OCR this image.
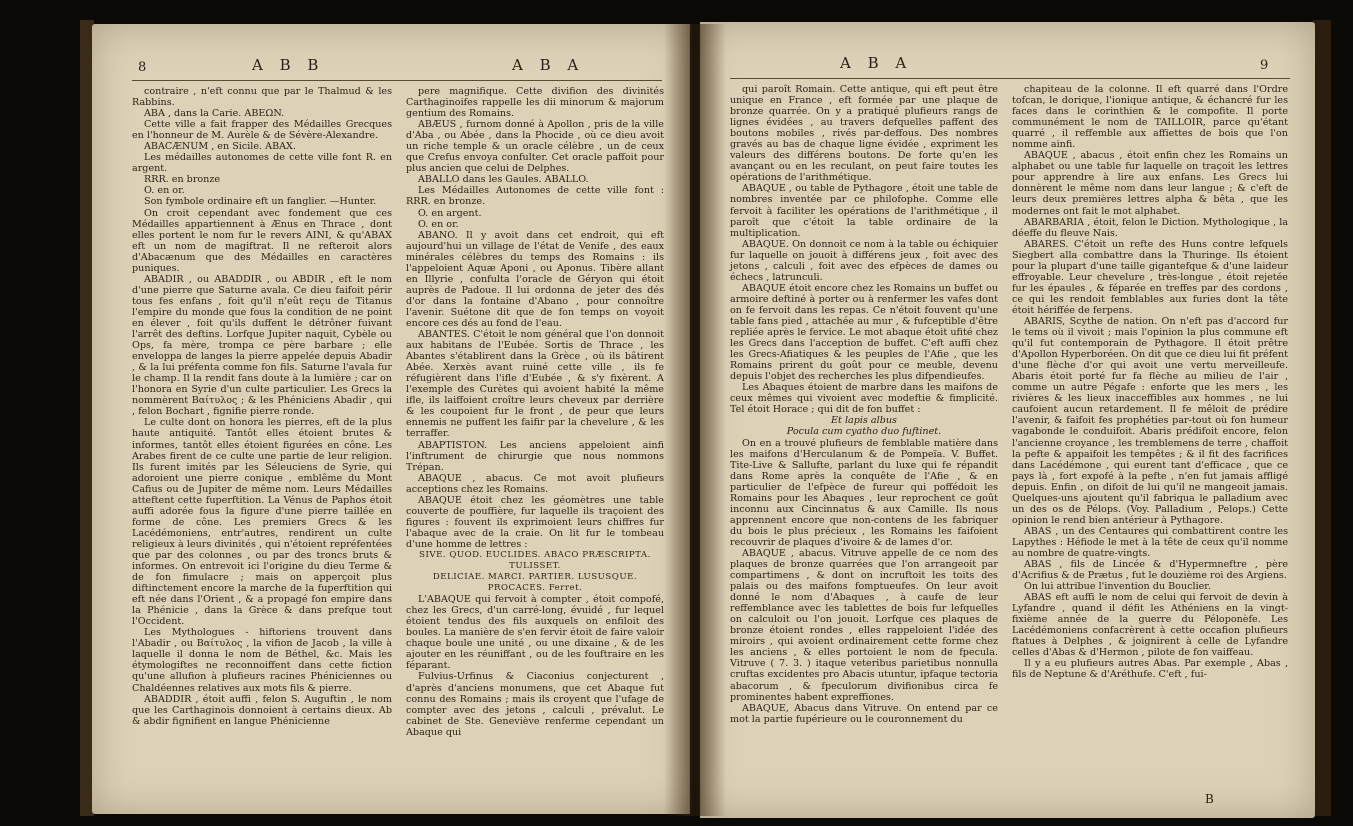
8	A B B	A B A

contraire , n'eft connu que par le Thalmud & les Rabbins.

ABA , dans la Carie. ABEΩN.

Cette ville a fait frapper des Médailles Grecques en l'honneur de M. Aurèle & de Sévère-Alexandre.

ABACÆNUM , en Sicile. ABAX.

Les médailles autonomes de cette ville font R. en argent.

RRR. en bronze

O. en or.

Son fymbole ordinaire eft un fanglier. —Hunter.

On croit cependant avec fondement que ces Médailles appartiennent à Ænus en Thrace , dont elles portent le nom fur le revers AINI, & qu'ABAX eft un nom de magiftrat. Il ne refteroit alors d'Abacænum que des Médailles en caractères puniques.

ABADIR , ou ABADDIR , ou ABDIR , eft le nom d'une pierre que Saturne avala. Ce dieu faifoit périr tous fes enfans , foit qu'il n'eût reçu de Titanus l'empire du monde que fous la condition de ne point en élever , foit qu'ils duffent le détrôner fuivant l'arrêt des deftins. Lorfque Jupiter naquit, Cybèle ou Ops, fa mère, trompa ce père barbare ; elle enveloppa de langes la pierre appelée depuis Abadir , & la lui préfenta comme fon fils. Saturne l'avala fur le champ. Il la rendit fans doute à la lumière ; car on l'honora en Syrie d'un culte particulier. Les Grecs la nommèrent Βαίτυλος ; & les Phéniciens Abadir , qui , felon Bochart , fignifie pierre ronde.

Le culte dont on honora les pierres, eft de la plus haute antiquité. Tantôt elles étoient brutes & informes, tantôt elles étoient figurées en cône. Les Arabes firent de ce culte une partie de leur religion. Ils furent imités par les Séleuciens de Syrie, qui adoroient une pierre conique , emblême du Mont Cafius ou de Jupiter de même nom. Leurs Médailles atteftent cette fuperftition. La Vénus de Paphos étoit auffi adorée fous la figure d'une pierre taillée en forme de cône. Les premiers Grecs & les Lacédémoniens, entr'autres, rendirent un culte religieux à leurs divinités , qui n'étoient repréfentées que par des colonnes , ou par des troncs bruts & informes. On entrevoit ici l'origine du dieu Terme & de fon fimulacre ; mais on apperçoit plus diftinctement encore la marche de la fuperftition qui eft née dans l'Orient , & a propagé fon empire dans la Phénicie , dans la Grèce & dans prefque tout l'Occident.

Les Mythologues - hiftoriens trouvent dans l'Abadir , ou Βαίτυλος , la vifion de Jacob , la ville à laquelle il donna le nom de Béthel, &c. Mais les étymologiftes ne reconnoiffent dans cette fiction qu'une allufion à plufieurs racines Phéniciennes ou Chaldéennes relatives aux mots fils & pierre.

ABADDIR , étoit auffi , felon S. Auguftin , le nom que les Carthaginois donnoient à certains dieux. Ab & abdir fignifient en langue Phénicienne

pere magnifique. Cette divifion des divinités Carthaginoifes rappelle les dii minorum & majorum gentium des Romains.

ABÆUS , furnom donné à Apollon , pris de la ville d'Aba , ou Abée , dans la Phocide , où ce dieu avoit un riche temple & un oracle célèbre , un de ceux que Crefus envoya confulter. Cet oracle paffoit pour plus ancien que celui de Delphes.

ABALLO dans les Gaules. ABALLO.

Les Médailles Autonomes de cette ville font : RRR. en bronze.

O. en argent.

O. en or.

ABANO. Il y avoit dans cet endroit, qui eft aujourd'hui un village de l'état de Venife , des eaux minérales célèbres du temps des Romains : ils l'appeloient Aquæ Aponi , ou Aponus. Tibère allant en Illyrie , confulta l'oracle de Géryon qui étoit auprès de Padoue. Il lui ordonna de jeter des dés d'or dans la fontaine d'Abano , pour connoître l'avenir. Suétone dit que de fon temps on voyoit encore ces dés au fond de l'eau.

ABANTES. C'étoit le nom général que l'on donnoit aux habitans de l'Eubée. Sortis de Thrace , les Abantes s'établirent dans la Grèce , où ils bâtirent Abée. Xerxès avant ruiné cette ville , ils fe réfugièrent dans l'ifle d'Eubée , & s'y fixèrent. A l'exemple des Curètes qui avoient habité la même ifle, ils laiffoient croître leurs cheveux par derrière & les coupoient fur le front , de peur que leurs ennemis ne puffent les faifir par la chevelure , & les terraffer.

ABAPTISTON. Les anciens appeloient ainfi l'inftrument de chirurgie que nous nommons Trépan.

ABAQUE , abacus. Ce mot avoit plufieurs acceptions chez les Romains.

ABAQUE étoit chez les géomètres une table couverte de pouffière, fur laquelle ils traçoient des figures : fouvent ils exprimoient leurs chiffres fur l'abaque avec de la craie. On lit fur le tombeau d'une homme de lettres :

SIVE. QUOD. EUCLIDES. ABACO PRÆSCRIPTA. TULISSET.

DELICIAE. MARCI. PARTIER. LUSUSQUE. PROCACES. Ferret.

L'ABAQUE qui fervoit à compter , étoit compofé, chez les Grecs, d'un carré-long, évuidé , fur lequel étoient tendus des fils auxquels on enfiloit des boules. La manière de s'en fervir étoit de faire valoir chaque boule une unité , ou une dixaine , & de les ajouter en les réuniffant , ou de les fouftraire en les féparant.

Fulvius-Urfinus & Ciaconius conjecturent , d'après d'anciens monumens, que cet Abaque fut connu des Romains ; mais ils croyent que l'ufage de compter avec des jetons , calculi , prévalut. Le cabinet de Ste. Geneviève renferme cependant un Abaque qui

A B A	9

qui paroît Romain. Cette antique, qui eft peut être unique en France , eft formée par une plaque de bronze quarrée. On y a pratiqué plufieurs rangs de lignes évidées , au travers defquelles paffent des boutons mobiles , rivés par-deffous. Des nombres gravés au bas de chaque ligne évidée , expriment les valeurs des différens boutons. De forte qu'en les avançant ou en les reculant, on peut faire toutes les opérations de l'arithmétique.

ABAQUE , ou table de Pythagore , étoit une table de nombres inventée par ce philofophe. Comme elle fervoit à faciliter les opérations de l'arithmétique , il paroît que c'étoit la table ordinaire de la multiplication.

ABAQUE. On donnoit ce nom à la table ou échiquier fur laquelle on jouoit à différens jeux , foit avec des jetons , calculi , foit avec des efpèces de dames ou échecs , latrunculi.

ABAQUE étoit encore chez les Romains un buffet ou armoire deftiné à porter ou à renfermer les vafes dont on fe fervoit dans les repas. Ce n'étoit fouvent qu'une table fans pied , attachée au mur , & fufceptible d'être repliée après le fervice. Le mot abaque étoit ufité chez les Grecs dans l'acception de buffet. C'eft auffi chez les Grecs-Afiatiques & les peuples de l'Afie , que les Romains prirent du goût pour ce meuble, devenu depuis l'objet des recherches les plus difpendieufes.

Les Abaques étoient de marbre dans les maifons de ceux mêmes qui vivoient avec modeftie & fimplicité. Tel étoit Horace ; qui dit de fon buffet :

Et lapis albus

Pocula cum cyatho duo fuftinet.

On en a trouvé plufieurs de femblable matière dans les maifons d'Herculanum & de Pompeïa. V. Buffet. Tite-Live & Sallufte, parlant du luxe qui fe répandit dans Rome après la conquête de l'Afie , & en particulier de l'efpèce de fureur qui poffédoit les Romains pour les Abaques , leur reprochent ce goût inconnu aux Cincinnatus & aux Camille. Ils nous apprennent encore que non-contens de les fabriquer du bois le plus précieux , les Romains les faifoient recouvrir de plaques d'ivoire & de lames d'or.

ABAQUE , abacus. Vitruve appelle de ce nom des plaques de bronze quarrées que l'on arrangeoit par compartimens , & dont on incruftoit les toits des palais ou des maifons fomptueufes. On leur avoit donné le nom d'Abaques , à caufe de leur reffemblance avec les tablettes de bois fur lefquelles on calculoit ou l'on jouoit. Lorfque ces plaques de bronze étoient rondes , elles rappeloient l'idée des miroirs , qui avoient ordinairement cette forme chez les anciens , & elles portoient le nom de fpecula. Vitruve ( 7. 3. ) itaque veteribus parietibus nonnulla cruftas excidentes pro Abacis utuntur, ipfaque tectoria abacorum , & fpeculorum divifionibus circa fe prominentes habent expreffiones.

ABAQUE, Abacus dans Vitruve. On entend par ce mot la partie fupérieure ou le couronnement du

chapiteau de la colonne. Il eft quarré dans l'Ordre tofcan, le dorique, l'ionique antique, & échancré fur les faces dans le corinthien & le compofite. Il porte communément le nom de TAILLOIR, parce qu'étant quarré , il reffemble aux affiettes de bois que l'on nomme ainfi.

ABAQUE , abacus , étoit enfin chez les Romains un alphabet ou une table fur laquelle on traçoit les lettres pour apprendre à lire aux enfans. Les Grecs lui donnèrent le même nom dans leur langue ; & c'eft de leurs deux premières lettres alpha & bêta , que les modernes ont fait le mot alphabet.

ABARBARIA , étoit, felon le Diction. Mythologique , la déeffe du fleuve Nais.

ABARES. C'étoit un refte des Huns contre lefquels Siegbert alla combattre dans la Thuringe. Ils étoient pour la plupart d'une taille gigantefque & d'une laideur effroyable. Leur chevelure , très-longue , étoit rejetée fur les épaules , & féparée en treffes par des cordons , ce qui les rendoit femblables aux furies dont la tête étoit hériffée de ferpens.

ABARIS, Scythe de nation. On n'eft pas d'accord fur le tems où il vivoit ; mais l'opinion la plus commune eft qu'il fut contemporain de Pythagore. Il étoit prêtre d'Apollon Hyperboréen. On dit que ce dieu lui fit préfent d'une flèche d'or qui avoit une vertu merveilleufe. Abaris étoit porté fur fa flèche au milieu de l'air , comme un autre Pégafe : enforte que les mers , les rivières & les lieux inacceffibles aux hommes , ne lui caufoient aucun retardement. Il fe mêloit de prédire l'avenir, & faifoit fes prophéties par-tout où fon humeur vagabonde le conduifoit. Abaris prédifoit encore, felon l'ancienne croyance , les tremblemens de terre , chaffoit la pefte & appaifoit les tempêtes ; & il fit des facrifices dans Lacédémone , qui eurent tant d'efficace , que ce pays là , fort expofé à la pefte , n'en fut jamais affligé depuis. Enfin , on difoit de lui qu'il ne mangeoit jamais. Quelques-uns ajoutent qu'il fabriqua le palladium avec un des os de Pélops. (Voy. Palladium , Pelops.) Cette opinion le rend bien antérieur à Pythagore.

ABAS , un des Centaures qui combattirent contre les Lapythes : Héfiode le met à la tête de ceux qu'il nomme au nombre de quatre-vingts.

ABAS , fils de Lincée & d'Hypermneftre , père d'Acrifius & de Prætus , fut le douzième roi des Argiens.

On lui attribue l'invention du Bouclier.

ABAS eft auffi le nom de celui qui fervoit de devin à Lyfandre , quand il défit les Athéniens en la vingt-fixième année de la guerre du Péloponèfe. Les Lacédémoniens confacrèrent à cette occafion plufieurs ftatues à Delphes , & joignirent à celle de Lyfandre celles d'Abas & d'Hermon , pilote de fon vaiffeau.

Il y a eu plufieurs autres Abas. Par exemple , Abas , fils de Neptune & d'Aréthufe. C'eft , fui-

B
